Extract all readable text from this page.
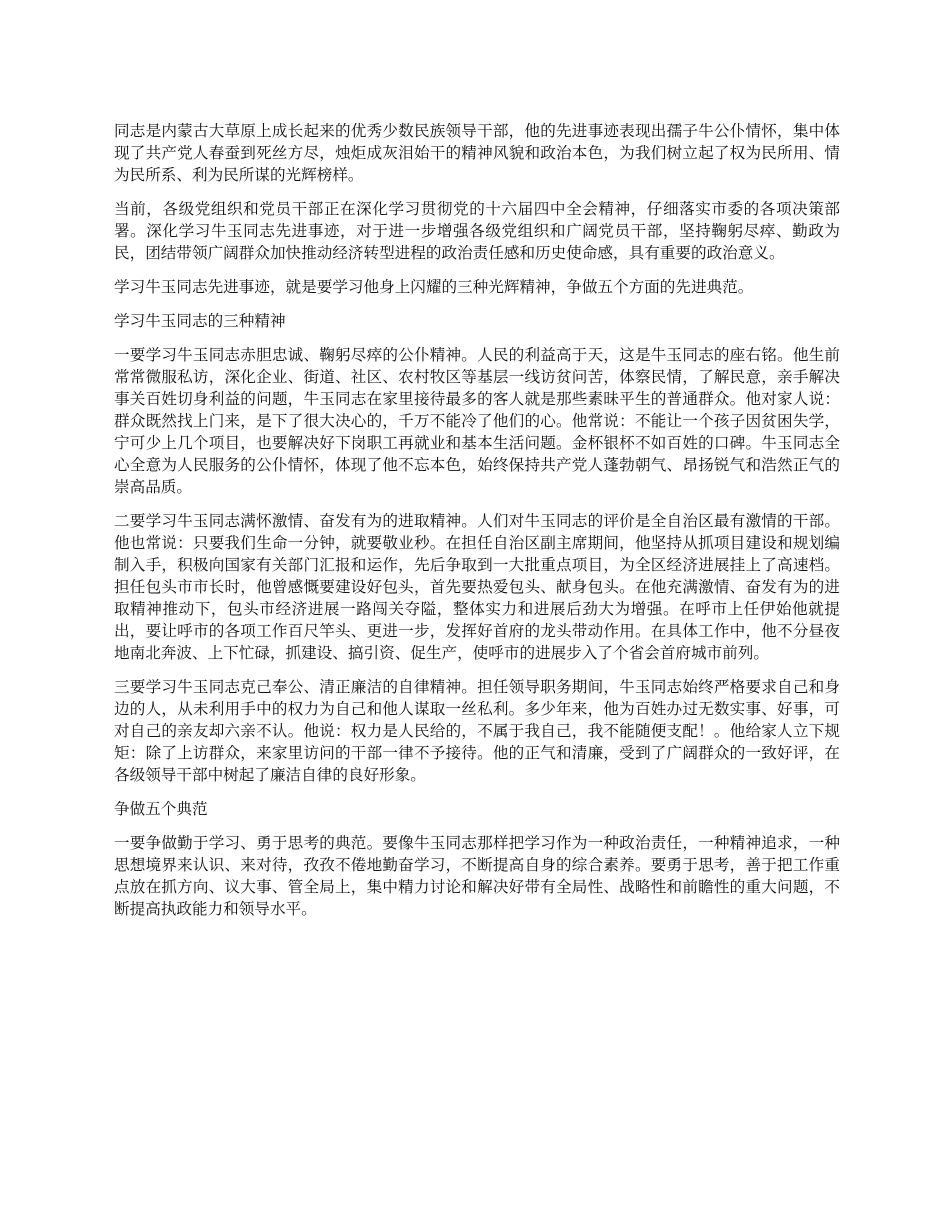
同志是内蒙古大草原上成长起来的优秀少数民族领导干部，他的先进事迹表现出孺子牛公仆情怀，集中体现了共产党人春蚕到死丝方尽，烛炬成灰泪始干的精神风貌和政治本色，为我们树立起了权为民所用、情为民所系、利为民所谋的光辉榜样。

当前，各级党组织和党员干部正在深化学习贯彻党的十六届四中全会精神，仔细落实市委的各项决策部署。深化学习牛玉同志先进事迹，对于进一步增强各级党组织和广阔党员干部，坚持鞠躬尽瘁、勤政为民，团结带领广阔群众加快推动经济转型进程的政治责任感和历史使命感，具有重要的政治意义。

学习牛玉同志先进事迹，就是要学习他身上闪耀的三种光辉精神，争做五个方面的先进典范。

学习牛玉同志的三种精神

一要学习牛玉同志赤胆忠诚、鞠躬尽瘁的公仆精神。人民的利益高于天，这是牛玉同志的座右铭。他生前常常微服私访，深化企业、街道、社区、农村牧区等基层一线访贫问苦，体察民情，了解民意，亲手解决事关百姓切身利益的问题，牛玉同志在家里接待最多的客人就是那些素昧平生的普通群众。他对家人说：群众既然找上门来，是下了很大决心的，千万不能冷了他们的心。他常说：不能让一个孩子因贫困失学，宁可少上几个项目，也要解决好下岗职工再就业和基本生活问题。金杯银杯不如百姓的口碑。牛玉同志全心全意为人民服务的公仆情怀，体现了他不忘本色，始终保持共产党人蓬勃朝气、昂扬锐气和浩然正气的崇高品质。

二要学习牛玉同志满怀激情、奋发有为的进取精神。人们对牛玉同志的评价是全自治区最有激情的干部。他也常说：只要我们生命一分钟，就要敬业秒。在担任自治区副主席期间，他坚持从抓项目建设和规划编制入手，积极向国家有关部门汇报和运作，先后争取到一大批重点项目，为全区经济进展挂上了高速档。担任包头市市长时，他曾感慨要建设好包头，首先要热爱包头、献身包头。在他充满激情、奋发有为的进取精神推动下，包头市经济进展一路闯关夺隘，整体实力和进展后劲大为增强。在呼市上任伊始他就提出，要让呼市的各项工作百尺竿头、更进一步，发挥好首府的龙头带动作用。在具体工作中，他不分昼夜地南北奔波、上下忙碌，抓建设、搞引资、促生产，使呼市的进展步入了个省会首府城市前列。

三要学习牛玉同志克己奉公、清正廉洁的自律精神。担任领导职务期间，牛玉同志始终严格要求自己和身边的人，从未利用手中的权力为自己和他人谋取一丝私利。多少年来，他为百姓办过无数实事、好事，可对自己的亲友却六亲不认。他说：权力是人民给的，不属于我自己，我不能随便支配！。他给家人立下规矩：除了上访群众，来家里访问的干部一律不予接待。他的正气和清廉，受到了广阔群众的一致好评，在各级领导干部中树起了廉洁自律的良好形象。

争做五个典范

一要争做勤于学习、勇于思考的典范。要像牛玉同志那样把学习作为一种政治责任，一种精神追求，一种思想境界来认识、来对待，孜孜不倦地勤奋学习，不断提高自身的综合素养。要勇于思考，善于把工作重点放在抓方向、议大事、管全局上，集中精力讨论和解决好带有全局性、战略性和前瞻性的重大问题，不断提高执政能力和领导水平。
